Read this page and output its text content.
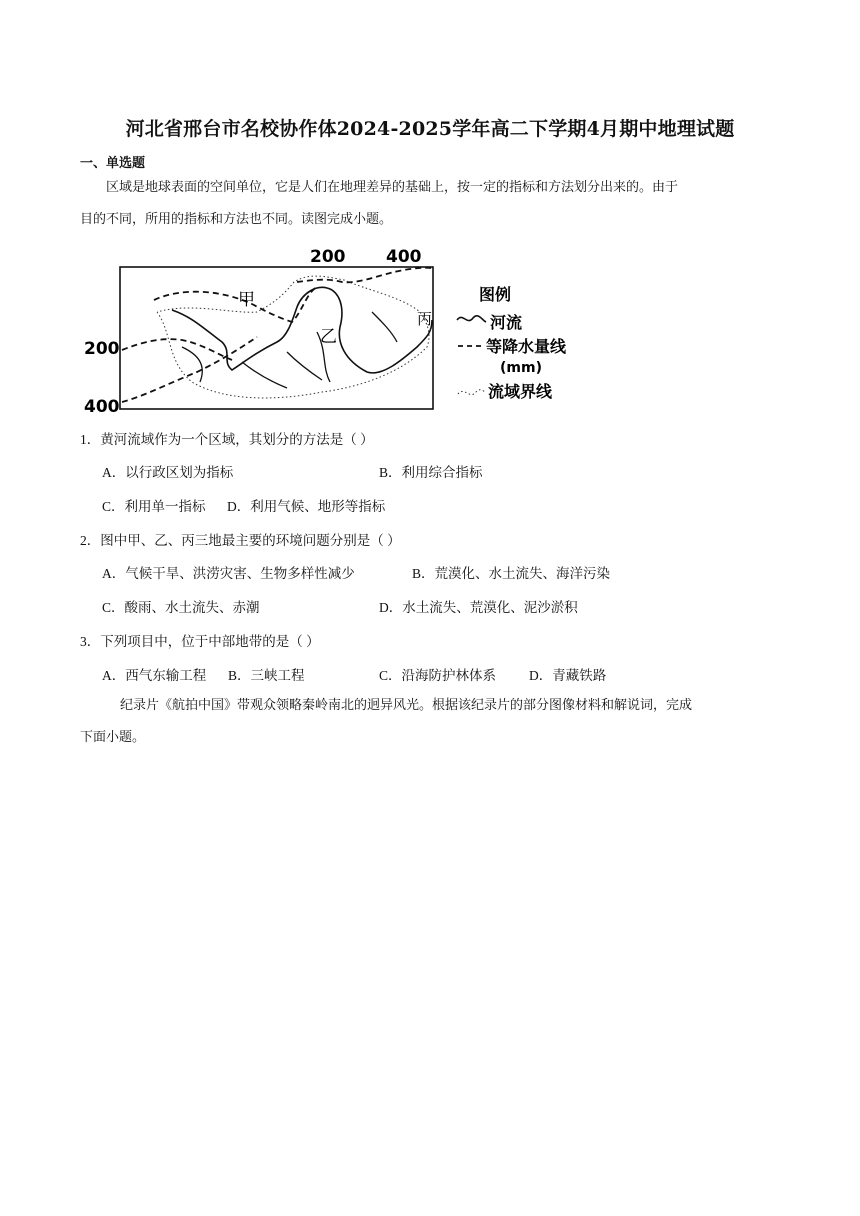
河北省邢台市名校协作体2024-2025学年高二下学期4月期中地理试题
一、单选题
区域是地球表面的空间单位，它是人们在地理差异的基础上，按一定的指标和方法划分出来的。由于
目的不同，所用的指标和方法也不同。读图完成小题。
200 400
200
400
甲
乙
丙
图例
河流
等降水量线
(mm)
流域界线
1．黄河流域作为一个区域，其划分的方法是（ ）
A．以行政区划为指标	B．利用综合指标
C．利用单一指标 D．利用气候、地形等指标
2．图中甲、乙、丙三地最主要的环境问题分别是（ ）
A．气候干旱、洪涝灾害、生物多样性减少	B．荒漠化、水土流失、海洋污染
C．酸雨、水土流失、赤潮	D．水土流失、荒漠化、泥沙淤积
3．下列项目中，位于中部地带的是（ ）
A．西气东输工程 B．三峡工程	C．沿海防护林体系 D．青藏铁路
纪录片《航拍中国》带观众领略秦岭南北的迥异风光。根据该纪录片的部分图像材料和解说词，完成
下面小题。
